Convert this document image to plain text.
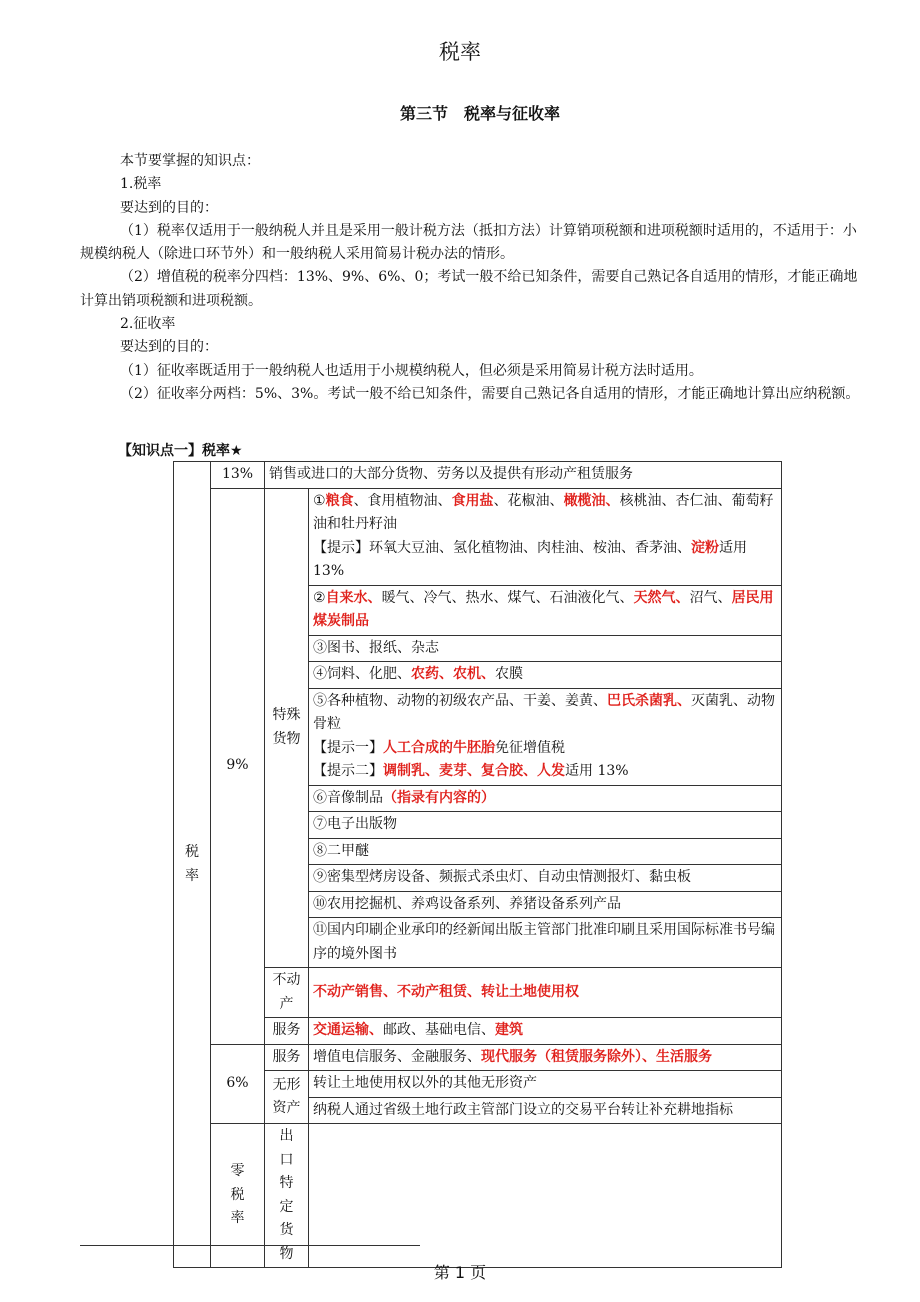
税率
第三节　税率与征收率

本节要掌握的知识点：

1.税率

要达到的目的：

（1）税率仅适用于一般纳税人并且是采用一般计税方法（抵扣方法）计算销项税额和进项税额时适用的，不适用于：小规模纳税人（除进口环节外）和一般纳税人采用简易计税办法的情形。

（2）增值税的税率分四档：13%、9%、6%、0；考试一般不给已知条件，需要自己熟记各自适用的情形，才能正确地计算出销项税额和进项税额。

2.征收率

要达到的目的：

（1）征收率既适用于一般纳税人也适用于小规模纳税人，但必须是采用简易计税方法时适用。

（2）征收率分两档：5%、3%。考试一般不给已知条件，需要自己熟记各自适用的情形，才能正确地计算出应纳税额。

【知识点一】税率★
税率	13%	销售或进口的大部分货物、劳务以及提供有形动产租赁服务	
	9%	特殊货物	①粮食、食用植物油、食用盐、花椒油、橄榄油、核桃油、杏仁油、葡萄籽油和牡丹籽油
【提示】环氧大豆油、氢化植物油、肉桂油、桉油、香茅油、淀粉适用 13%
			②自来水、暖气、冷气、热水、煤气、石油液化气、天然气、沼气、居民用煤炭制品
			③图书、报纸、杂志
			④饲料、化肥、农药、农机、农膜
			⑤各种植物、动物的初级农产品、干姜、姜黄、巴氏杀菌乳、灭菌乳、动物骨粒
【提示一】人工合成的牛胚胎免征增值税
【提示二】调制乳、麦芽、复合胶、人发适用 13%
			⑥音像制品（指录有内容的）
			⑦电子出版物
			⑧二甲醚
			⑨密集型烤房设备、频振式杀虫灯、自动虫情测报灯、黏虫板
			⑩农用挖掘机、养鸡设备系列、养猪设备系列产品
			⑪国内印刷企业承印的经新闻出版主管部门批准印刷且采用国际标准书号编序的境外图书
		不动产	不动产销售、不动产租赁、转让土地使用权
		服务	交通运输、邮政、基础电信、建筑
	6%	服务	增值电信服务、金融服务、现代服务（租赁服务除外）、生活服务
		无形资产	转让土地使用权以外的其他无形资产
			纳税人通过省级土地行政主管部门设立的交易平台转让补充耕地指标
	零税率	出口特定货物	
第 1 页
